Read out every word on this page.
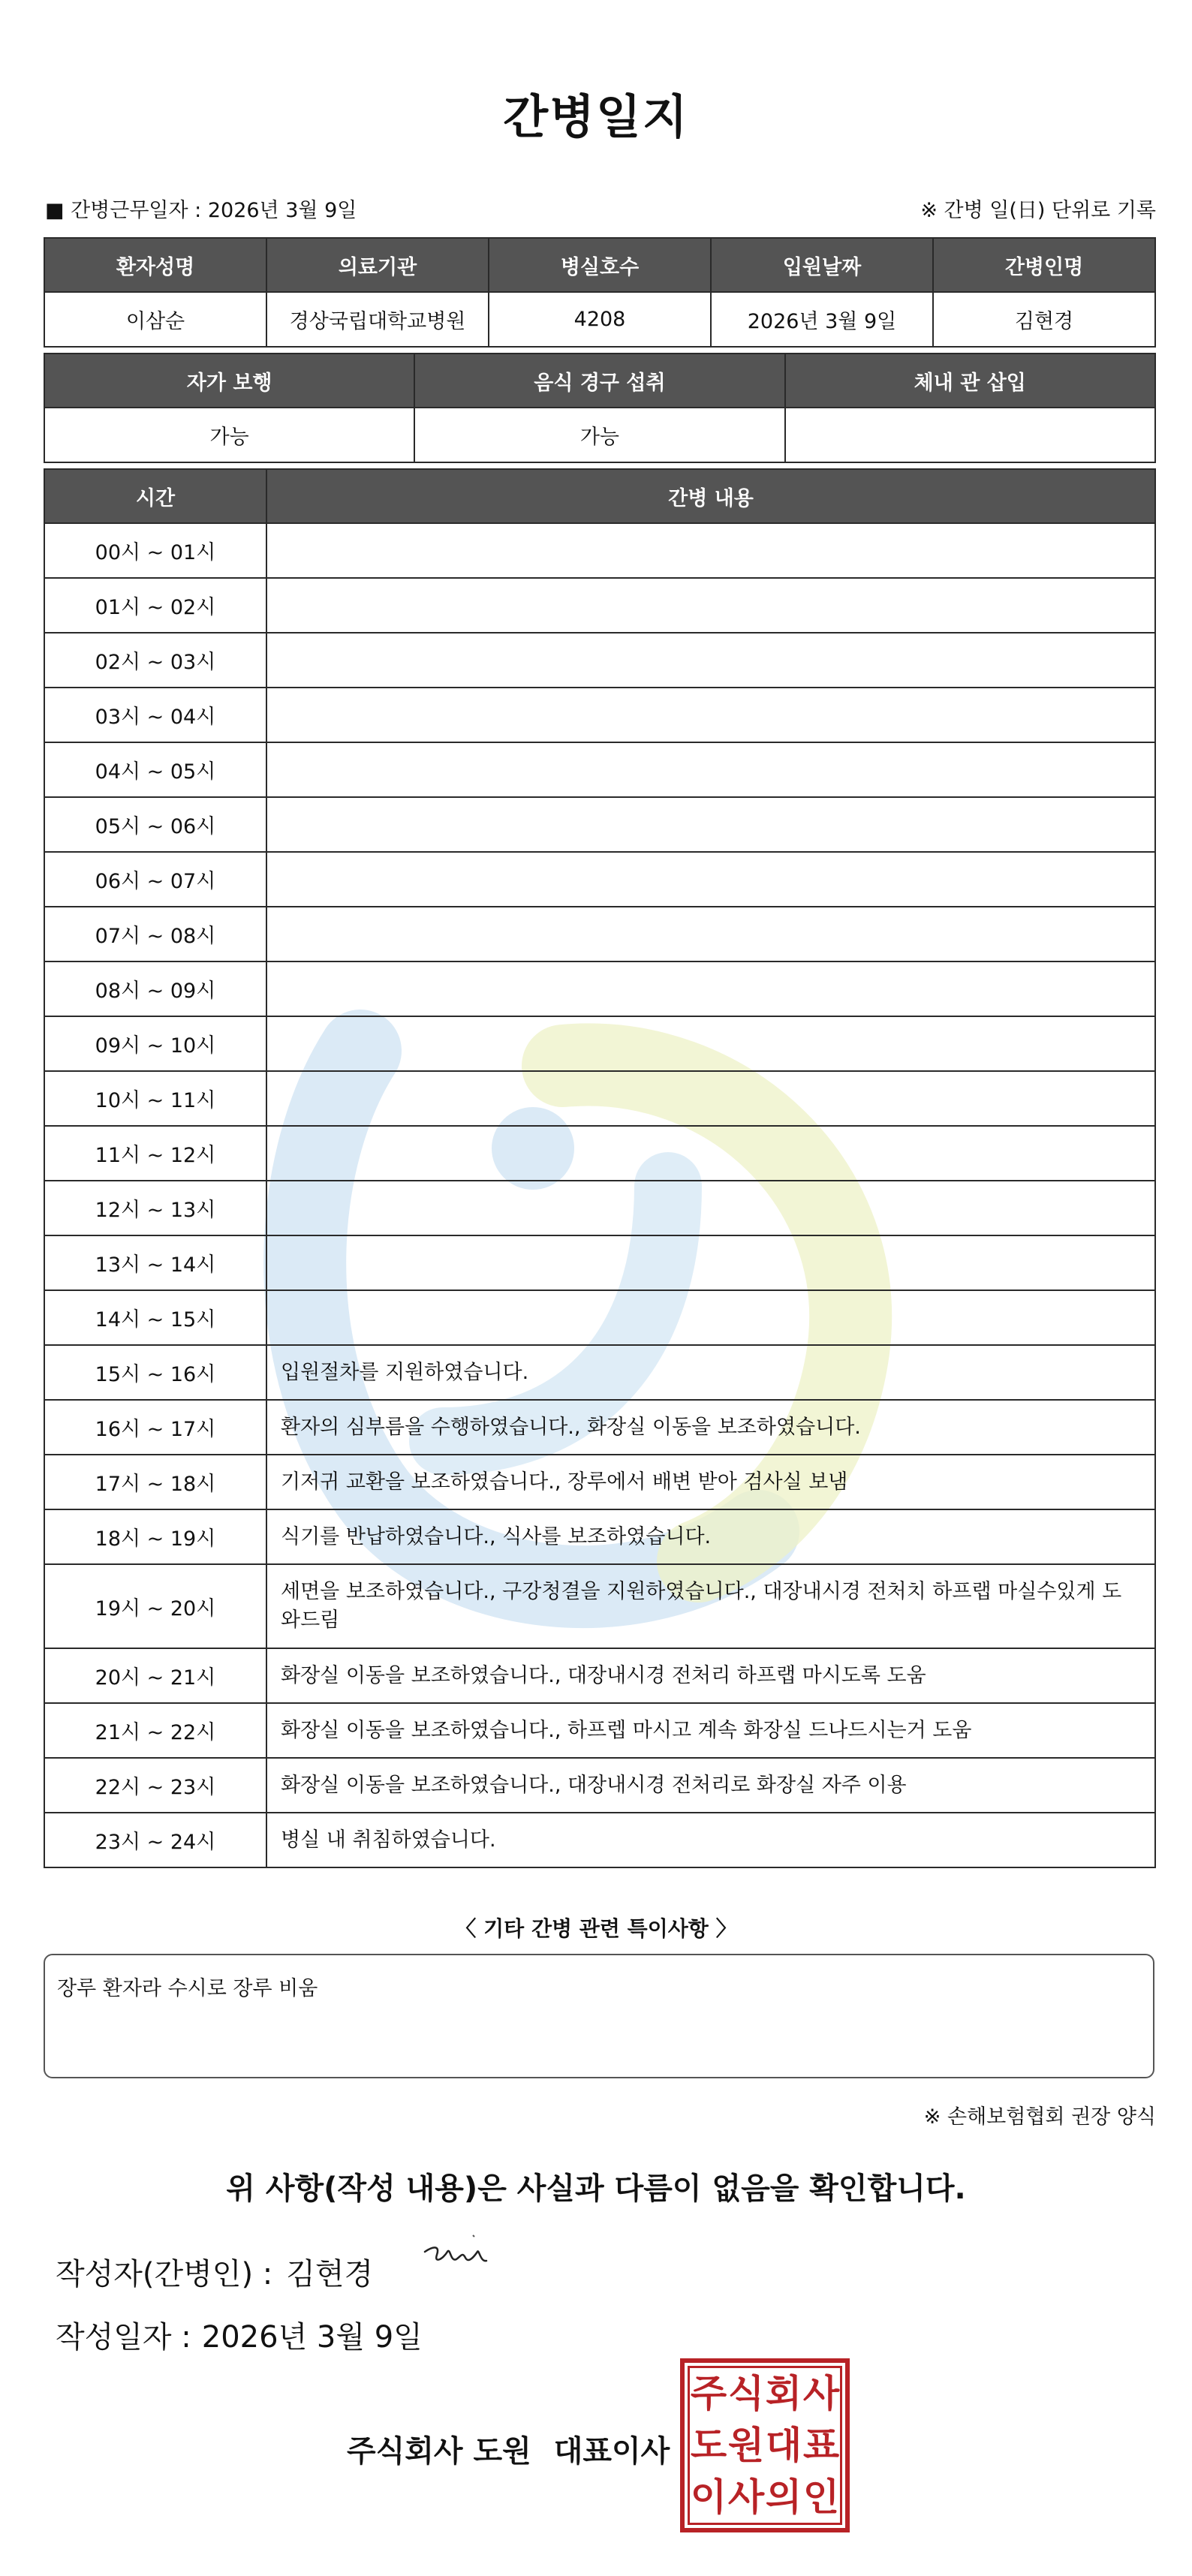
간병일지
■ 간병근무일자 : 2026년 3월 9일	※ 간병 일(日) 단위로 기록
환자성명	의료기관	병실호수	입원날짜	간병인명
이삼순	경상국립대학교병원	4208	2026년 3월 9일	김현경
자가 보행	음식 경구 섭취	체내 관 삽입
가능	가능	
시간	간병 내용
00시 ~ 01시	
01시 ~ 02시	
02시 ~ 03시	
03시 ~ 04시	
04시 ~ 05시	
05시 ~ 06시	
06시 ~ 07시	
07시 ~ 08시	
08시 ~ 09시	
09시 ~ 10시	
10시 ~ 11시	
11시 ~ 12시	
12시 ~ 13시	
13시 ~ 14시	
14시 ~ 15시	
15시 ~ 16시	입원절차를 지원하였습니다.
16시 ~ 17시	환자의 심부름을 수행하였습니다., 화장실 이동을 보조하였습니다.
17시 ~ 18시	기저귀 교환을 보조하였습니다., 장루에서 배변 받아 검사실 보냄
18시 ~ 19시	식기를 반납하였습니다., 식사를 보조하였습니다.
19시 ~ 20시	세면을 보조하였습니다., 구강청결을 지원하였습니다., 대장내시경 전처치 하프랩 마실수있게 도와드림
20시 ~ 21시	화장실 이동을 보조하였습니다., 대장내시경 전처리 하프랩 마시도록 도움
21시 ~ 22시	화장실 이동을 보조하였습니다., 하프렙 마시고 계속 화장실 드나드시는거 도움
22시 ~ 23시	화장실 이동을 보조하였습니다., 대장내시경 전처리로 화장실 자주 이용
23시 ~ 24시	병실 내 취침하였습니다.
〈 기타 간병 관련 특이사항 〉
장루 환자라 수시로 장루 비움
※ 손해보험협회 권장 양식
위 사항(작성 내용)은 사실과 다름이 없음을 확인합니다.
작성자(간병인) : 김현경
작성일자 : 2026년 3월 9일
주식회사 도원 대표이사
주 식 회 사
도 원 대 표
이 사 의 인
